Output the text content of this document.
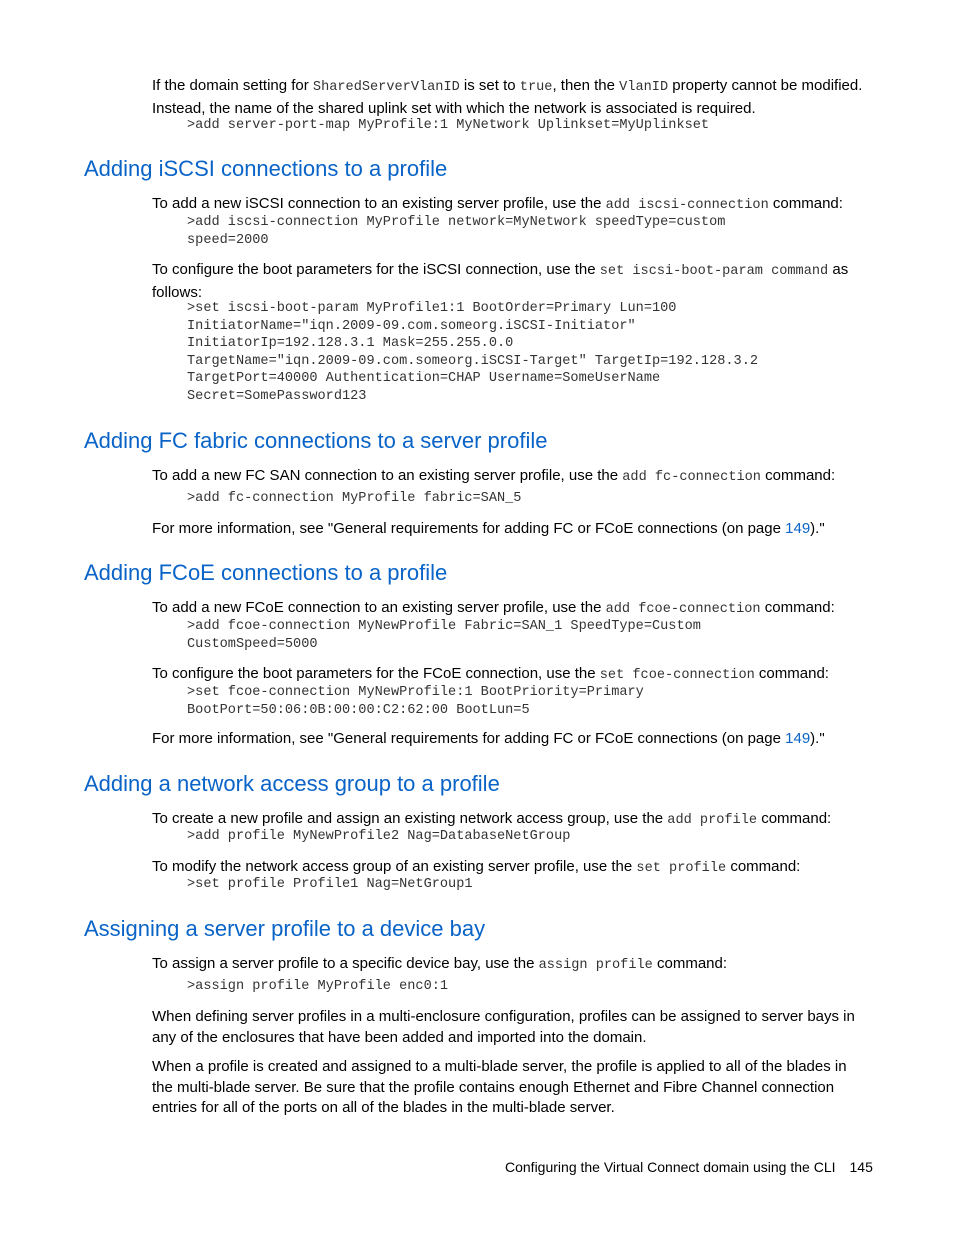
If the domain setting for SharedServerVlanID is set to true, then the VlanID property cannot be modified. Instead, the name of the shared uplink set with which the network is associated is required.

>add server-port-map MyProfile:1 MyNetwork Uplinkset=MyUplinkset
Adding iSCSI connections to a profile

To add a new iSCSI connection to an existing server profile, use the add iscsi-connection command:

>add iscsi-connection MyProfile network=MyNetwork speedType=custom
speed=2000

To configure the boot parameters for the iSCSI connection, use the set iscsi-boot-param command as follows:

>set iscsi-boot-param MyProfile1:1 BootOrder=Primary Lun=100
InitiatorName="iqn.2009-09.com.someorg.iSCSI-Initiator"
InitiatorIp=192.128.3.1 Mask=255.255.0.0
TargetName="iqn.2009-09.com.someorg.iSCSI-Target" TargetIp=192.128.3.2
TargetPort=40000 Authentication=CHAP Username=SomeUserName
Secret=SomePassword123
Adding FC fabric connections to a server profile

To add a new FC SAN connection to an existing server profile, use the add fc-connection command:

>add fc-connection MyProfile fabric=SAN_5

For more information, see "General requirements for adding FC or FCoE connections (on page 149)."

Adding FCoE connections to a profile

To add a new FCoE connection to an existing server profile, use the add fcoe-connection command:

>add fcoe-connection MyNewProfile Fabric=SAN_1 SpeedType=Custom
CustomSpeed=5000

To configure the boot parameters for the FCoE connection, use the set fcoe-connection command:

>set fcoe-connection MyNewProfile:1 BootPriority=Primary
BootPort=50:06:0B:00:00:C2:62:00 BootLun=5

For more information, see "General requirements for adding FC or FCoE connections (on page 149)."

Adding a network access group to a profile

To create a new profile and assign an existing network access group, use the add profile command:

>add profile MyNewProfile2 Nag=DatabaseNetGroup

To modify the network access group of an existing server profile, use the set profile command:

>set profile Profile1 Nag=NetGroup1
Assigning a server profile to a device bay

To assign a server profile to a specific device bay, use the assign profile command:

>assign profile MyProfile enc0:1

When defining server profiles in a multi-enclosure configuration, profiles can be assigned to server bays in any of the enclosures that have been added and imported into the domain.

When a profile is created and assigned to a multi-blade server, the profile is applied to all of the blades in the multi-blade server. Be sure that the profile contains enough Ethernet and Fibre Channel connection entries for all of the ports on all of the blades in the multi-blade server.

Configuring the Virtual Connect domain using the CLI 145
